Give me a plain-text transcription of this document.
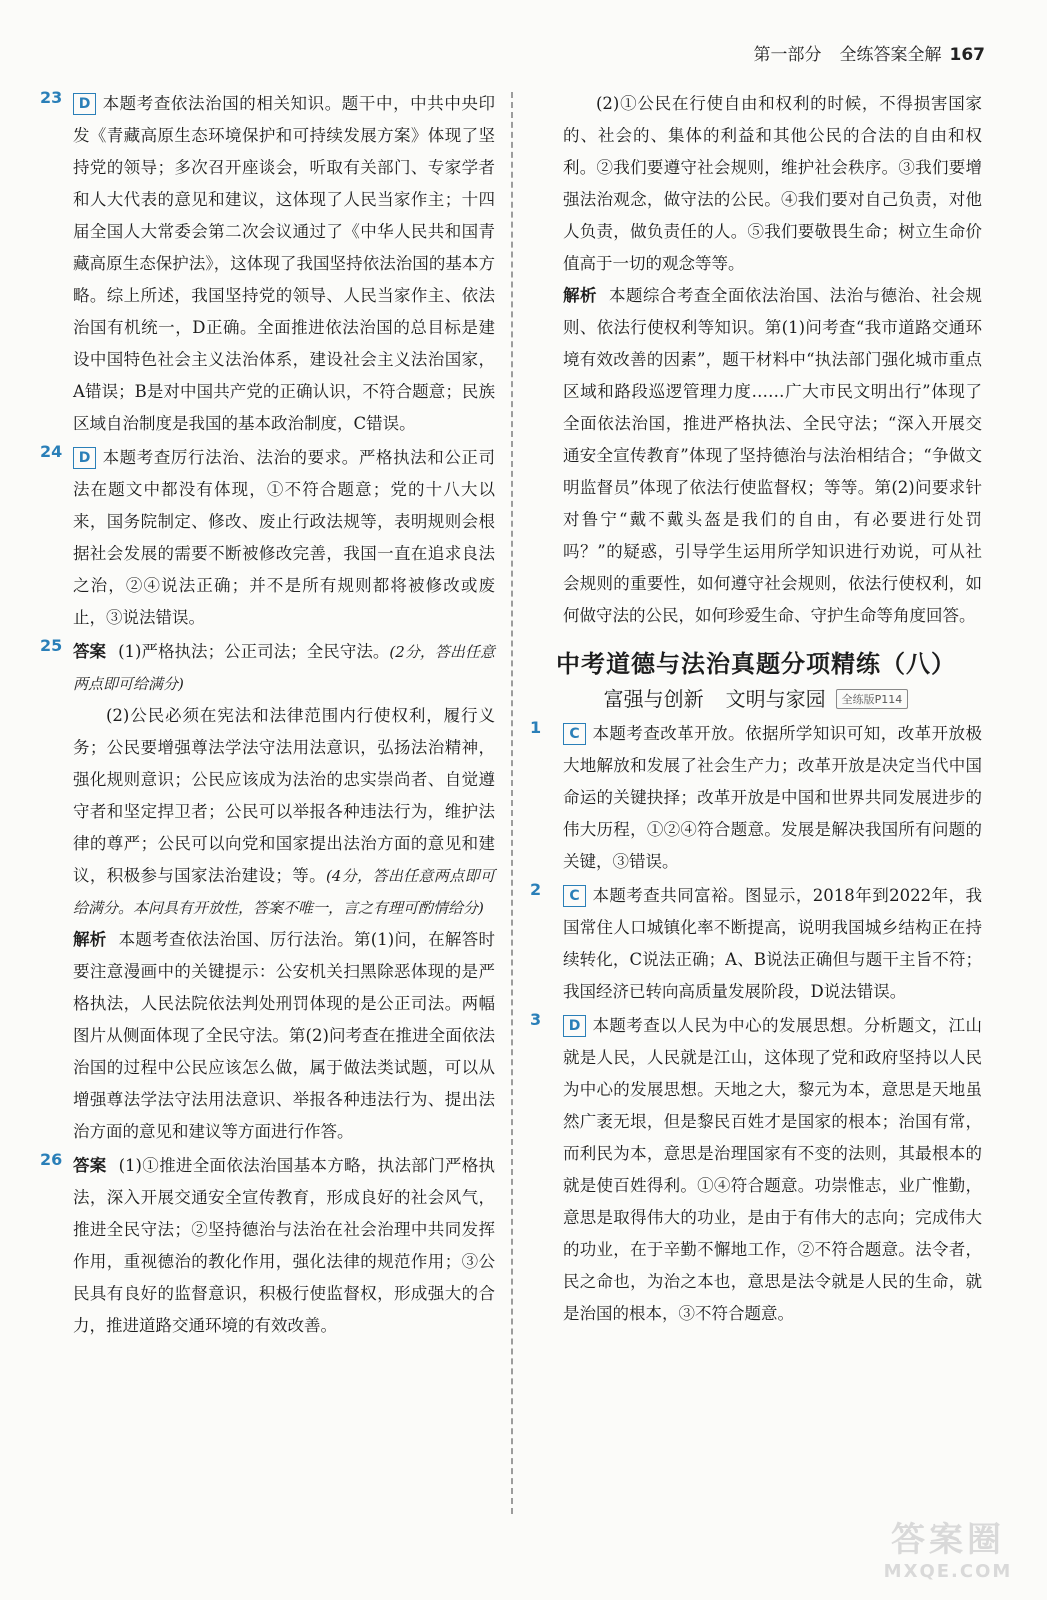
第一部分 全练答案全解 167
23	D 本题考查依法治国的相关知识。题干中，中共中央印发《青藏高原生态环境保护和可持续发展方案》体现了坚持党的领导；多次召开座谈会，听取有关部门、专家学者和人大代表的意见和建议，这体现了人民当家作主；十四届全国人大常委会第二次会议通过了《中华人民共和国青藏高原生态保护法》，这体现了我国坚持依法治国的基本方略。综上所述，我国坚持党的领导、人民当家作主、依法治国有机统一，D正确。全面推进依法治国的总目标是建设中国特色社会主义法治体系，建设社会主义法治国家，A错误；B是对中国共产党的正确认识，不符合题意；民族区域自治制度是我国的基本政治制度，C错误。

24	D 本题考查厉行法治、法治的要求。严格执法和公正司法在题文中都没有体现，①不符合题意；党的十八大以来，国务院制定、修改、废止行政法规等，表明规则会根据社会发展的需要不断被修改完善，我国一直在追求良法之治，②④说法正确；并不是所有规则都将被修改或废止，③说法错误。

25 答案 (1)严格执法；公正司法；全民守法。(2分，答出任意两点即可给满分)

(2)公民必须在宪法和法律范围内行使权利，履行义务；公民要增强尊法学法守法用法意识，弘扬法治精神，强化规则意识；公民应该成为法治的忠实崇尚者、自觉遵守者和坚定捍卫者；公民可以举报各种违法行为，维护法律的尊严；公民可以向党和国家提出法治方面的意见和建议，积极参与国家法治建设；等。(4分，答出任意两点即可给满分。本问具有开放性，答案不唯一，言之有理可酌情给分)

解析 本题考查依法治国、厉行法治。第(1)问，在解答时要注意漫画中的关键提示：公安机关扫黑除恶体现的是严格执法，人民法院依法判处刑罚体现的是公正司法。两幅图片从侧面体现了全民守法。第(2)问考查在推进全面依法治国的过程中公民应该怎么做，属于做法类试题，可以从增强尊法学法守法用法意识、举报各种违法行为、提出法治方面的意见和建议等方面进行作答。

26 答案 (1)①推进全面依法治国基本方略，执法部门严格执法，深入开展交通安全宣传教育，形成良好的社会风气，推进全民守法；②坚持德治与法治在社会治理中共同发挥作用，重视德治的教化作用，强化法律的规范作用；③公民具有良好的监督意识，积极行使监督权，形成强大的合力，推进道路交通环境的有效改善。

(2)①公民在行使自由和权利的时候，不得损害国家的、社会的、集体的利益和其他公民的合法的自由和权利。②我们要遵守社会规则，维护社会秩序。③我们要增强法治观念，做守法的公民。④我们要对自己负责，对他人负责，做负责任的人。⑤我们要敬畏生命；树立生命价值高于一切的观念等等。

解析 本题综合考查全面依法治国、法治与德治、社会规则、依法行使权利等知识。第(1)问考查“我市道路交通环境有效改善的因素”，题干材料中“执法部门强化城市重点区域和路段巡逻管理力度……广大市民文明出行”体现了全面依法治国，推进严格执法、全民守法；“深入开展交通安全宣传教育”体现了坚持德治与法治相结合；“争做文明监督员”体现了依法行使监督权；等等。第(2)问要求针对鲁宁“戴不戴头盔是我们的自由，有必要进行处罚吗？”的疑惑，引导学生运用所学知识进行劝说，可从社会规则的重要性，如何遵守社会规则，依法行使权利，如何做守法的公民，如何珍爱生命、守护生命等角度回答。

中考道德与法治真题分项精练（八）
富强与创新 文明与家园 全练版P114
1	C 本题考查改革开放。依据所学知识可知，改革开放极大地解放和发展了社会生产力；改革开放是决定当代中国命运的关键抉择；改革开放是中国和世界共同发展进步的伟大历程，①②④符合题意。发展是解决我国所有问题的关键，③错误。

2	C 本题考查共同富裕。图显示，2018年到2022年，我国常住人口城镇化率不断提高，说明我国城乡结构正在持续转化，C说法正确；A、B说法正确但与题干主旨不符；我国经济已转向高质量发展阶段，D说法错误。

3	D 本题考查以人民为中心的发展思想。分析题文，江山就是人民，人民就是江山，这体现了党和政府坚持以人民为中心的发展思想。天地之大，黎元为本，意思是天地虽然广袤无垠，但是黎民百姓才是国家的根本；治国有常，而利民为本，意思是治理国家有不变的法则，其最根本的就是使百姓得利。①④符合题意。功崇惟志，业广惟勤，意思是取得伟大的功业，是由于有伟大的志向；完成伟大的功业，在于辛勤不懈地工作，②不符合题意。法令者，民之命也，为治之本也，意思是法令就是人民的生命，就是治国的根本，③不符合题意。

答案圈
MXQE.COM
